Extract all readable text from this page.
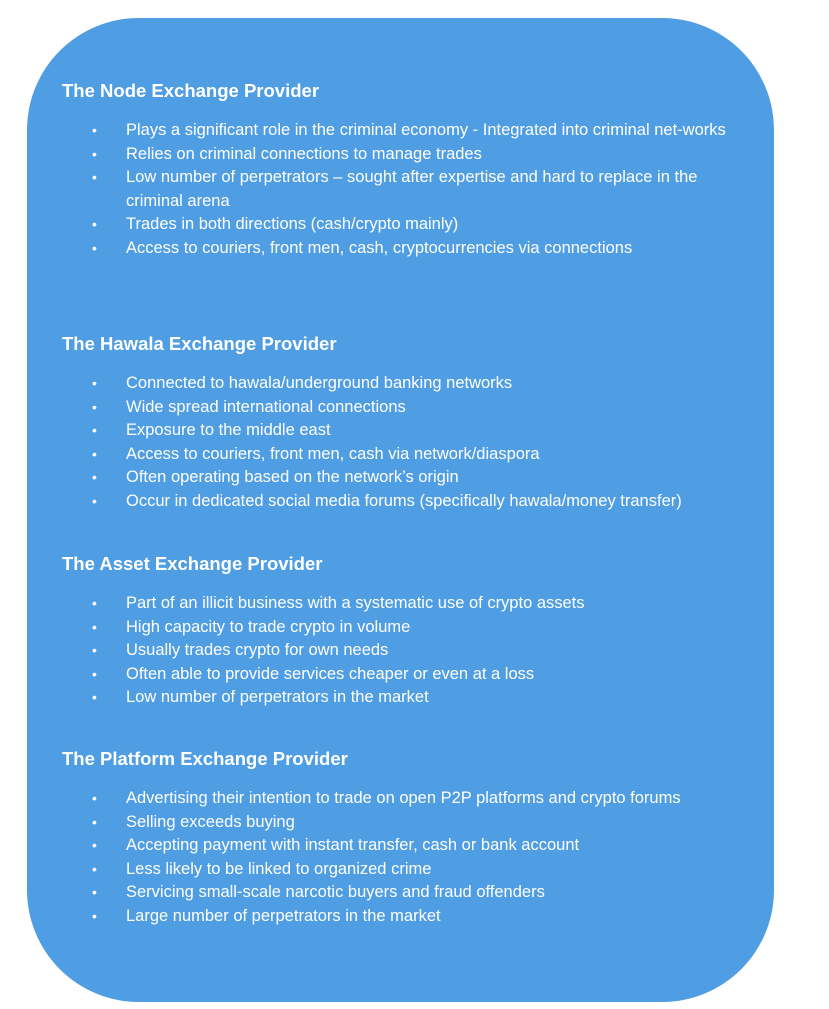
The Node Exchange Provider
• Plays a significant role in the criminal economy - Integrated into criminal net-works
• Relies on criminal connections to manage trades
• Low number of perpetrators – sought after expertise and hard to replace in the criminal arena
• Trades in both directions (cash/crypto mainly)
• Access to couriers, front men, cash, cryptocurrencies via connections
The Hawala Exchange Provider
• Connected to hawala/underground banking networks
• Wide spread international connections
• Exposure to the middle east
• Access to couriers, front men, cash via network/diaspora
• Often operating based on the network’s origin
• Occur in dedicated social media forums (specifically hawala/money transfer)
The Asset Exchange Provider
• Part of an illicit business with a systematic use of crypto assets
• High capacity to trade crypto in volume
• Usually trades crypto for own needs
• Often able to provide services cheaper or even at a loss
• Low number of perpetrators in the market
The Platform Exchange Provider
• Advertising their intention to trade on open P2P platforms and crypto forums
• Selling exceeds buying
• Accepting payment with instant transfer, cash or bank account
• Less likely to be linked to organized crime
• Servicing small-scale narcotic buyers and fraud offenders
• Large number of perpetrators in the market
